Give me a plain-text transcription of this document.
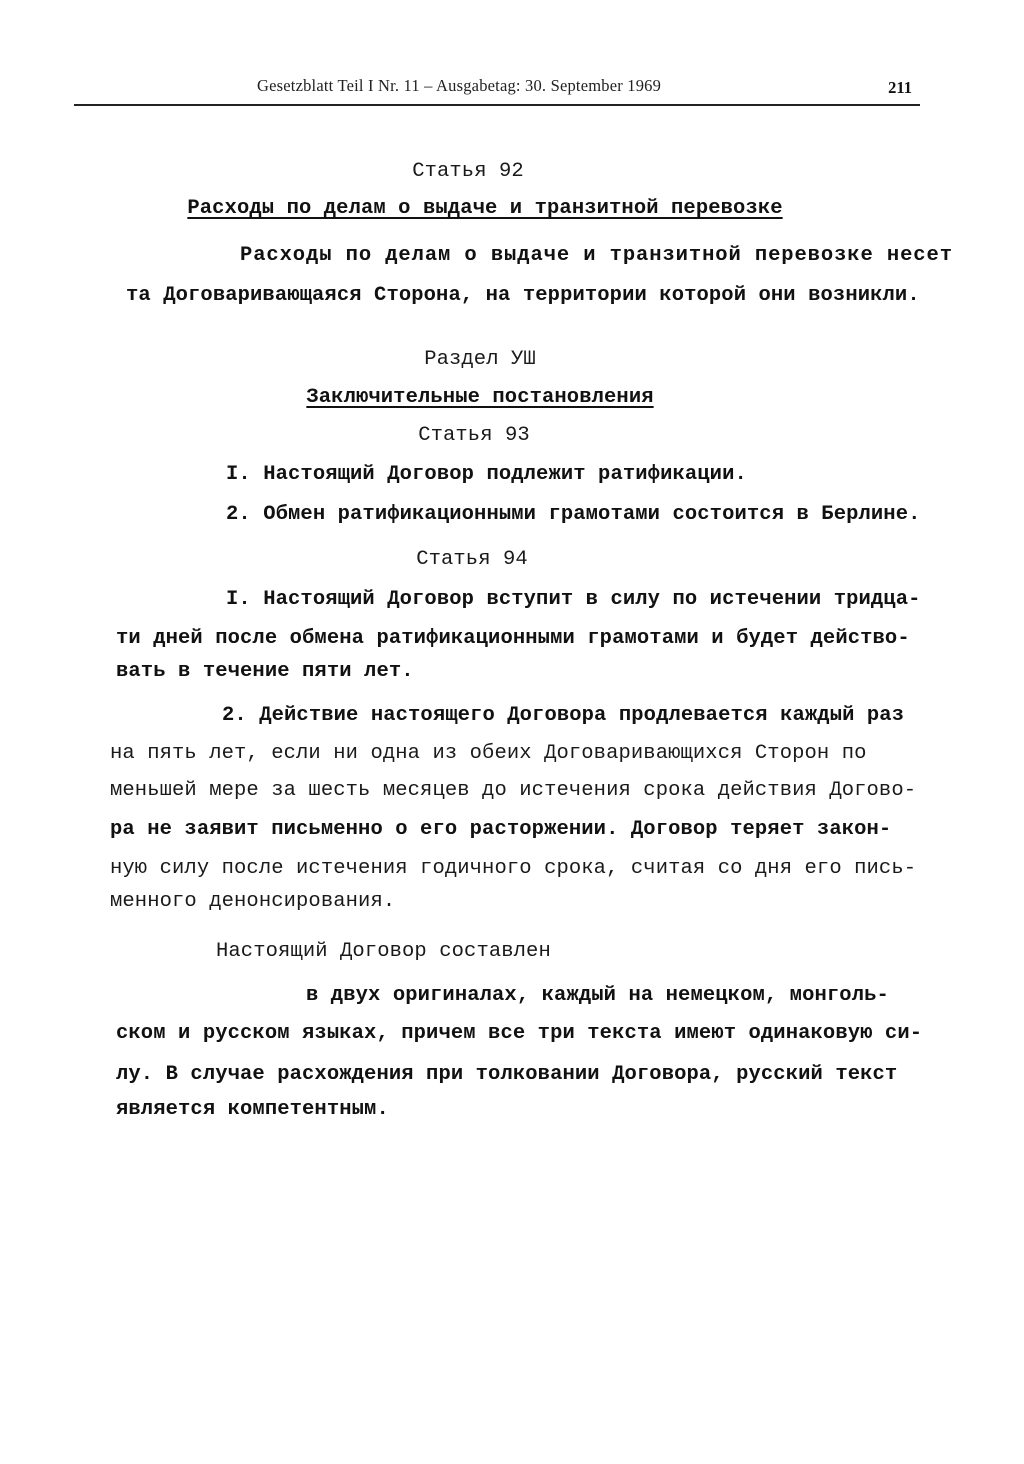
Gesetzblatt Teil I Nr. 11 – Ausgabetag: 30. September 1969	211
Статья 92
Расходы по делам о выдаче и транзитной перевозке
Расходы по делам о выдаче и транзитной перевозке несет
та Договаривающаяся Сторона, на территории которой они возникли.
Раздел УШ
Заключительные постановления
Статья 93
I. Настоящий Договор подлежит ратификации.
2. Обмен ратификационными грамотами состоится в Берлине.
Статья 94
I. Настоящий Договор вступит в силу по истечении тридца-
ти дней после обмена ратификационными грамотами и будет действо-
вать в течение пяти лет.
2. Действие настоящего Договора продлевается каждый раз
на пять лет, если ни одна из обеих Договаривающихся Сторон по
меньшей мере за шесть месяцев до истечения срока действия Догово-
ра не заявит письменно о его расторжении. Договор теряет закон-
ную силу после истечения годичного срока, считая со дня его пись-
менного денонсирования.
Настоящий Договор составлен
в двух оригиналах, каждый на немецком, монголь-
ском и русском языках, причем все три текста имеют одинаковую си-
лу. В случае расхождения при толковании Договора, русский текст
является компетентным.
